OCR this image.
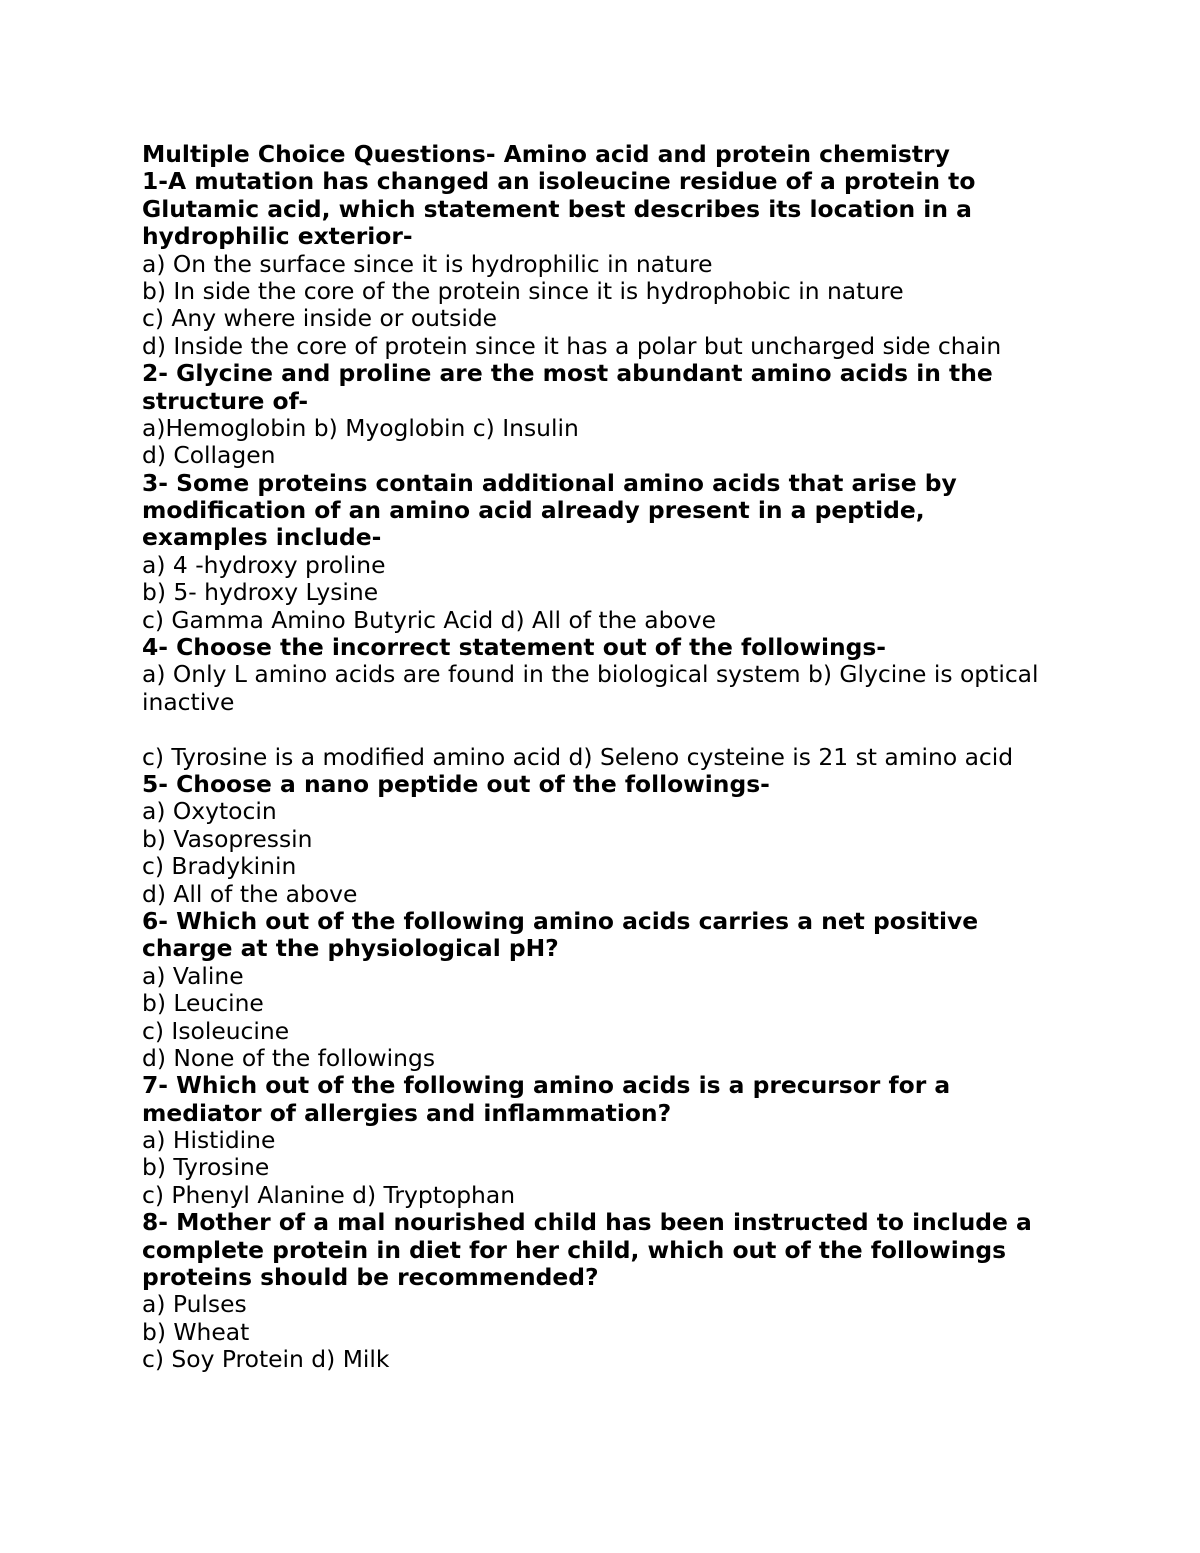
Multiple Choice Questions- Amino acid and protein chemistry
1-A mutation has changed an isoleucine residue of a protein to
Glutamic acid, which statement best describes its location in a
hydrophilic exterior-
a) On the surface since it is hydrophilic in nature
b) In side the core of the protein since it is hydrophobic in nature
c) Any where inside or outside
d) Inside the core of protein since it has a polar but uncharged side chain
2- Glycine and proline are the most abundant amino acids in the
structure of-
a)Hemoglobin b) Myoglobin c) Insulin
d) Collagen
3- Some proteins contain additional amino acids that arise by
modification of an amino acid already present in a peptide,
examples include-
a) 4 -hydroxy proline
b) 5- hydroxy Lysine
c) Gamma Amino Butyric Acid d) All of the above
4- Choose the incorrect statement out of the followings-
a) Only L amino acids are found in the biological system b) Glycine is optical
inactive
c) Tyrosine is a modified amino acid d) Seleno cysteine is 21 st amino acid
5- Choose a nano peptide out of the followings-
a) Oxytocin
b) Vasopressin
c) Bradykinin
d) All of the above
6- Which out of the following amino acids carries a net positive
charge at the physiological pH?
a) Valine
b) Leucine
c) Isoleucine
d) None of the followings
7- Which out of the following amino acids is a precursor for a
mediator of allergies and inflammation?
a) Histidine
b) Tyrosine
c) Phenyl Alanine d) Tryptophan
8- Mother of a mal nourished child has been instructed to include a
complete protein in diet for her child, which out of the followings
proteins should be recommended?
a) Pulses
b) Wheat
c) Soy Protein d) Milk
